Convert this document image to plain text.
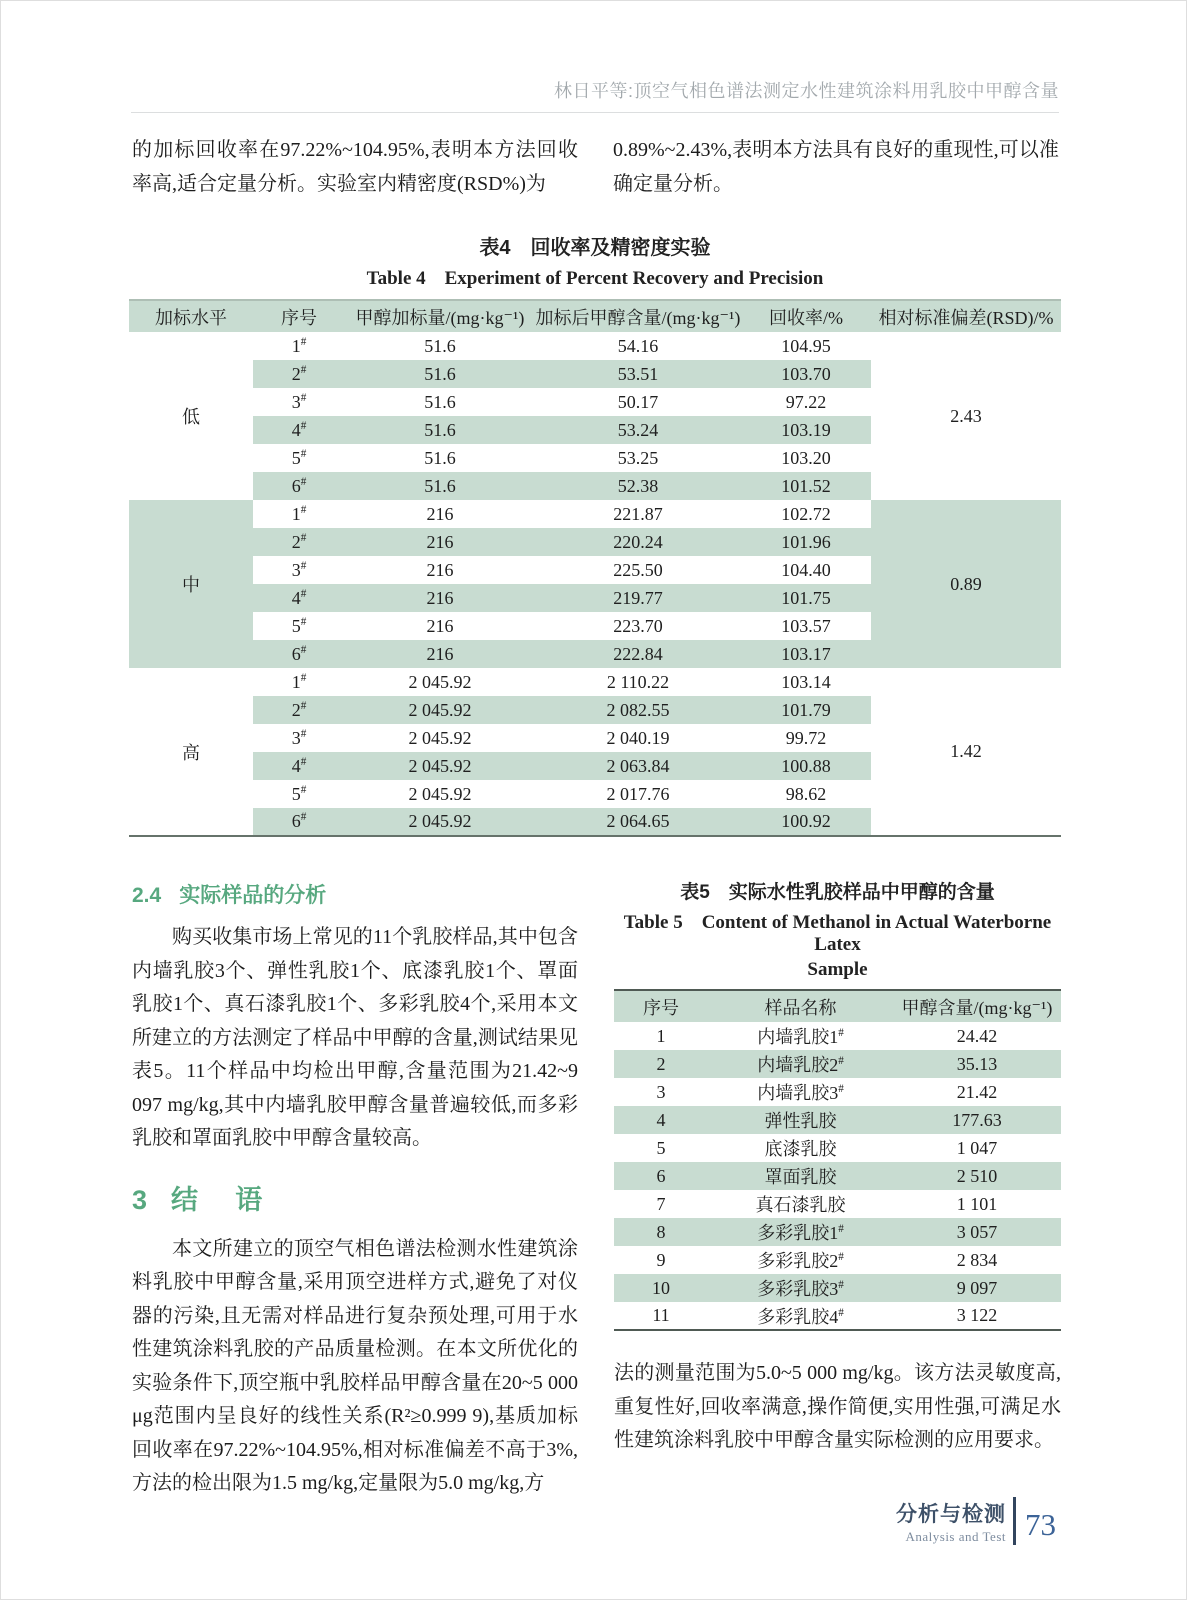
林日平等:顶空气相色谱法测定水性建筑涂料用乳胶中甲醇含量
的加标回收率在97.22%~104.95%,表明本方法回收率高,适合定量分析。实验室内精密度(RSD%)为
0.89%~2.43%,表明本方法具有良好的重现性,可以准确定量分析。
表4　回收率及精密度实验
Table 4　Experiment of Percent Recovery and Precision
加标水平	序号	甲醇加标量/(mg·kg⁻¹)	加标后甲醇含量/(mg·kg⁻¹)	回收率/%	相对标准偏差(RSD)/%
低	1#	51.6	54.16	104.95	2.43
	2#	51.6	53.51	103.70	
	3#	51.6	50.17	97.22	
	4#	51.6	53.24	103.19	
	5#	51.6	53.25	103.20	
	6#	51.6	52.38	101.52	
中	1#	216	221.87	102.72	0.89
	2#	216	220.24	101.96	
	3#	216	225.50	104.40	
	4#	216	219.77	101.75	
	5#	216	223.70	103.57	
	6#	216	222.84	103.17	
高	1#	2 045.92	2 110.22	103.14	1.42
	2#	2 045.92	2 082.55	101.79	
	3#	2 045.92	2 040.19	99.72	
	4#	2 045.92	2 063.84	100.88	
	5#	2 045.92	2 017.76	98.62	
	6#	2 045.92	2 064.65	100.92	
2.4 实际样品的分析

购买收集市场上常见的11个乳胶样品,其中包含内墙乳胶3个、弹性乳胶1个、底漆乳胶1个、罩面乳胶1个、真石漆乳胶1个、多彩乳胶4个,采用本文所建立的方法测定了样品中甲醇的含量,测试结果见表5。11个样品中均检出甲醇,含量范围为21.42~9 097 mg/kg,其中内墙乳胶甲醇含量普遍较低,而多彩乳胶和罩面乳胶中甲醇含量较高。

3 结 语

本文所建立的顶空气相色谱法检测水性建筑涂料乳胶中甲醇含量,采用顶空进样方式,避免了对仪器的污染,且无需对样品进行复杂预处理,可用于水性建筑涂料乳胶的产品质量检测。在本文所优化的实验条件下,顶空瓶中乳胶样品甲醇含量在20~5 000 μg范围内呈良好的线性关系(R²≥0.999 9),基质加标回收率在97.22%~104.95%,相对标准偏差不高于3%,方法的检出限为1.5 mg/kg,定量限为5.0 mg/kg,方

表5　实际水性乳胶样品中甲醇的含量
Table 5　Content of Methanol in Actual Waterborne Latex
Sample
序号	样品名称	甲醇含量/(mg·kg⁻¹)
1	内墙乳胶1#	24.42
2	内墙乳胶2#	35.13
3	内墙乳胶3#	21.42
4	弹性乳胶	177.63
5	底漆乳胶	1 047
6	罩面乳胶	2 510
7	真石漆乳胶	1 101
8	多彩乳胶1#	3 057
9	多彩乳胶2#	2 834
10	多彩乳胶3#	9 097
11	多彩乳胶4#	3 122

法的测量范围为5.0~5 000 mg/kg。该方法灵敏度高,重复性好,回收率满意,操作简便,实用性强,可满足水性建筑涂料乳胶中甲醇含量实际检测的应用要求。

分析与检测
Analysis and Test 73
